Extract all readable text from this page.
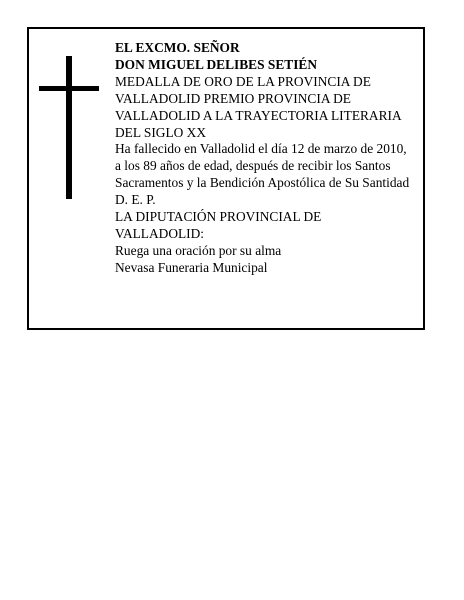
EL EXCMO. SEÑOR
DON MIGUEL DELIBES SETIÉN
MEDALLA DE ORO DE LA PROVINCIA DE
VALLADOLID PREMIO PROVINCIA DE
VALLADOLID A LA TRAYECTORIA LITERARIA
DEL SIGLO XX
Ha fallecido en Valladolid el día 12 de marzo de 2010,
a los 89 años de edad, después de recibir los Santos
Sacramentos y la Bendición Apostólica de Su Santidad
D. E. P.
LA DIPUTACIÓN PROVINCIAL DE
VALLADOLID:
Ruega una oración por su alma
Nevasa Funeraria Municipal
